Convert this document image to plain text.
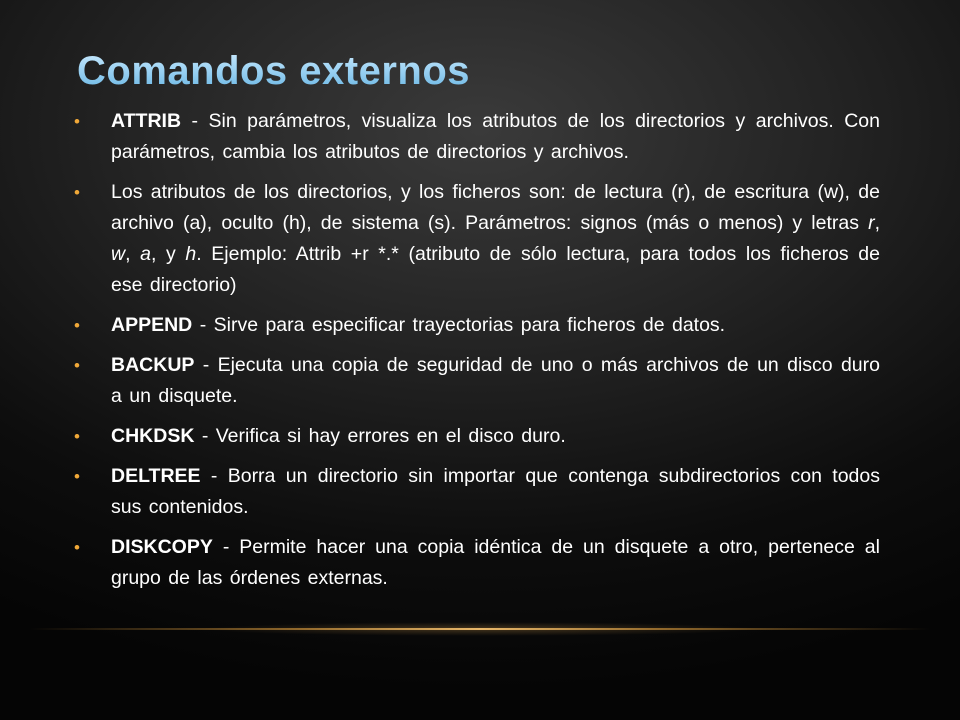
Comandos externos
• ATTRIB - Sin parámetros, visualiza los atributos de los directorios y archivos. Con parámetros, cambia los atributos de directorios y archivos.
• Los atributos de los directorios, y los ficheros son: de lectura (r), de escritura (w), de archivo (a), oculto (h), de sistema (s). Parámetros: signos (más o menos) y letras r, w, a, y h. Ejemplo: Attrib +r *.* (atributo de sólo lectura, para todos los ficheros de ese directorio)
• APPEND - Sirve para especificar trayectorias para ficheros de datos.
• BACKUP - Ejecuta una copia de seguridad de uno o más archivos de un disco duro a un disquete.
• CHKDSK - Verifica si hay errores en el disco duro.
• DELTREE - Borra un directorio sin importar que contenga subdirectorios con todos sus contenidos.
• DISKCOPY - Permite hacer una copia idéntica de un disquete a otro, pertenece al grupo de las órdenes externas.
